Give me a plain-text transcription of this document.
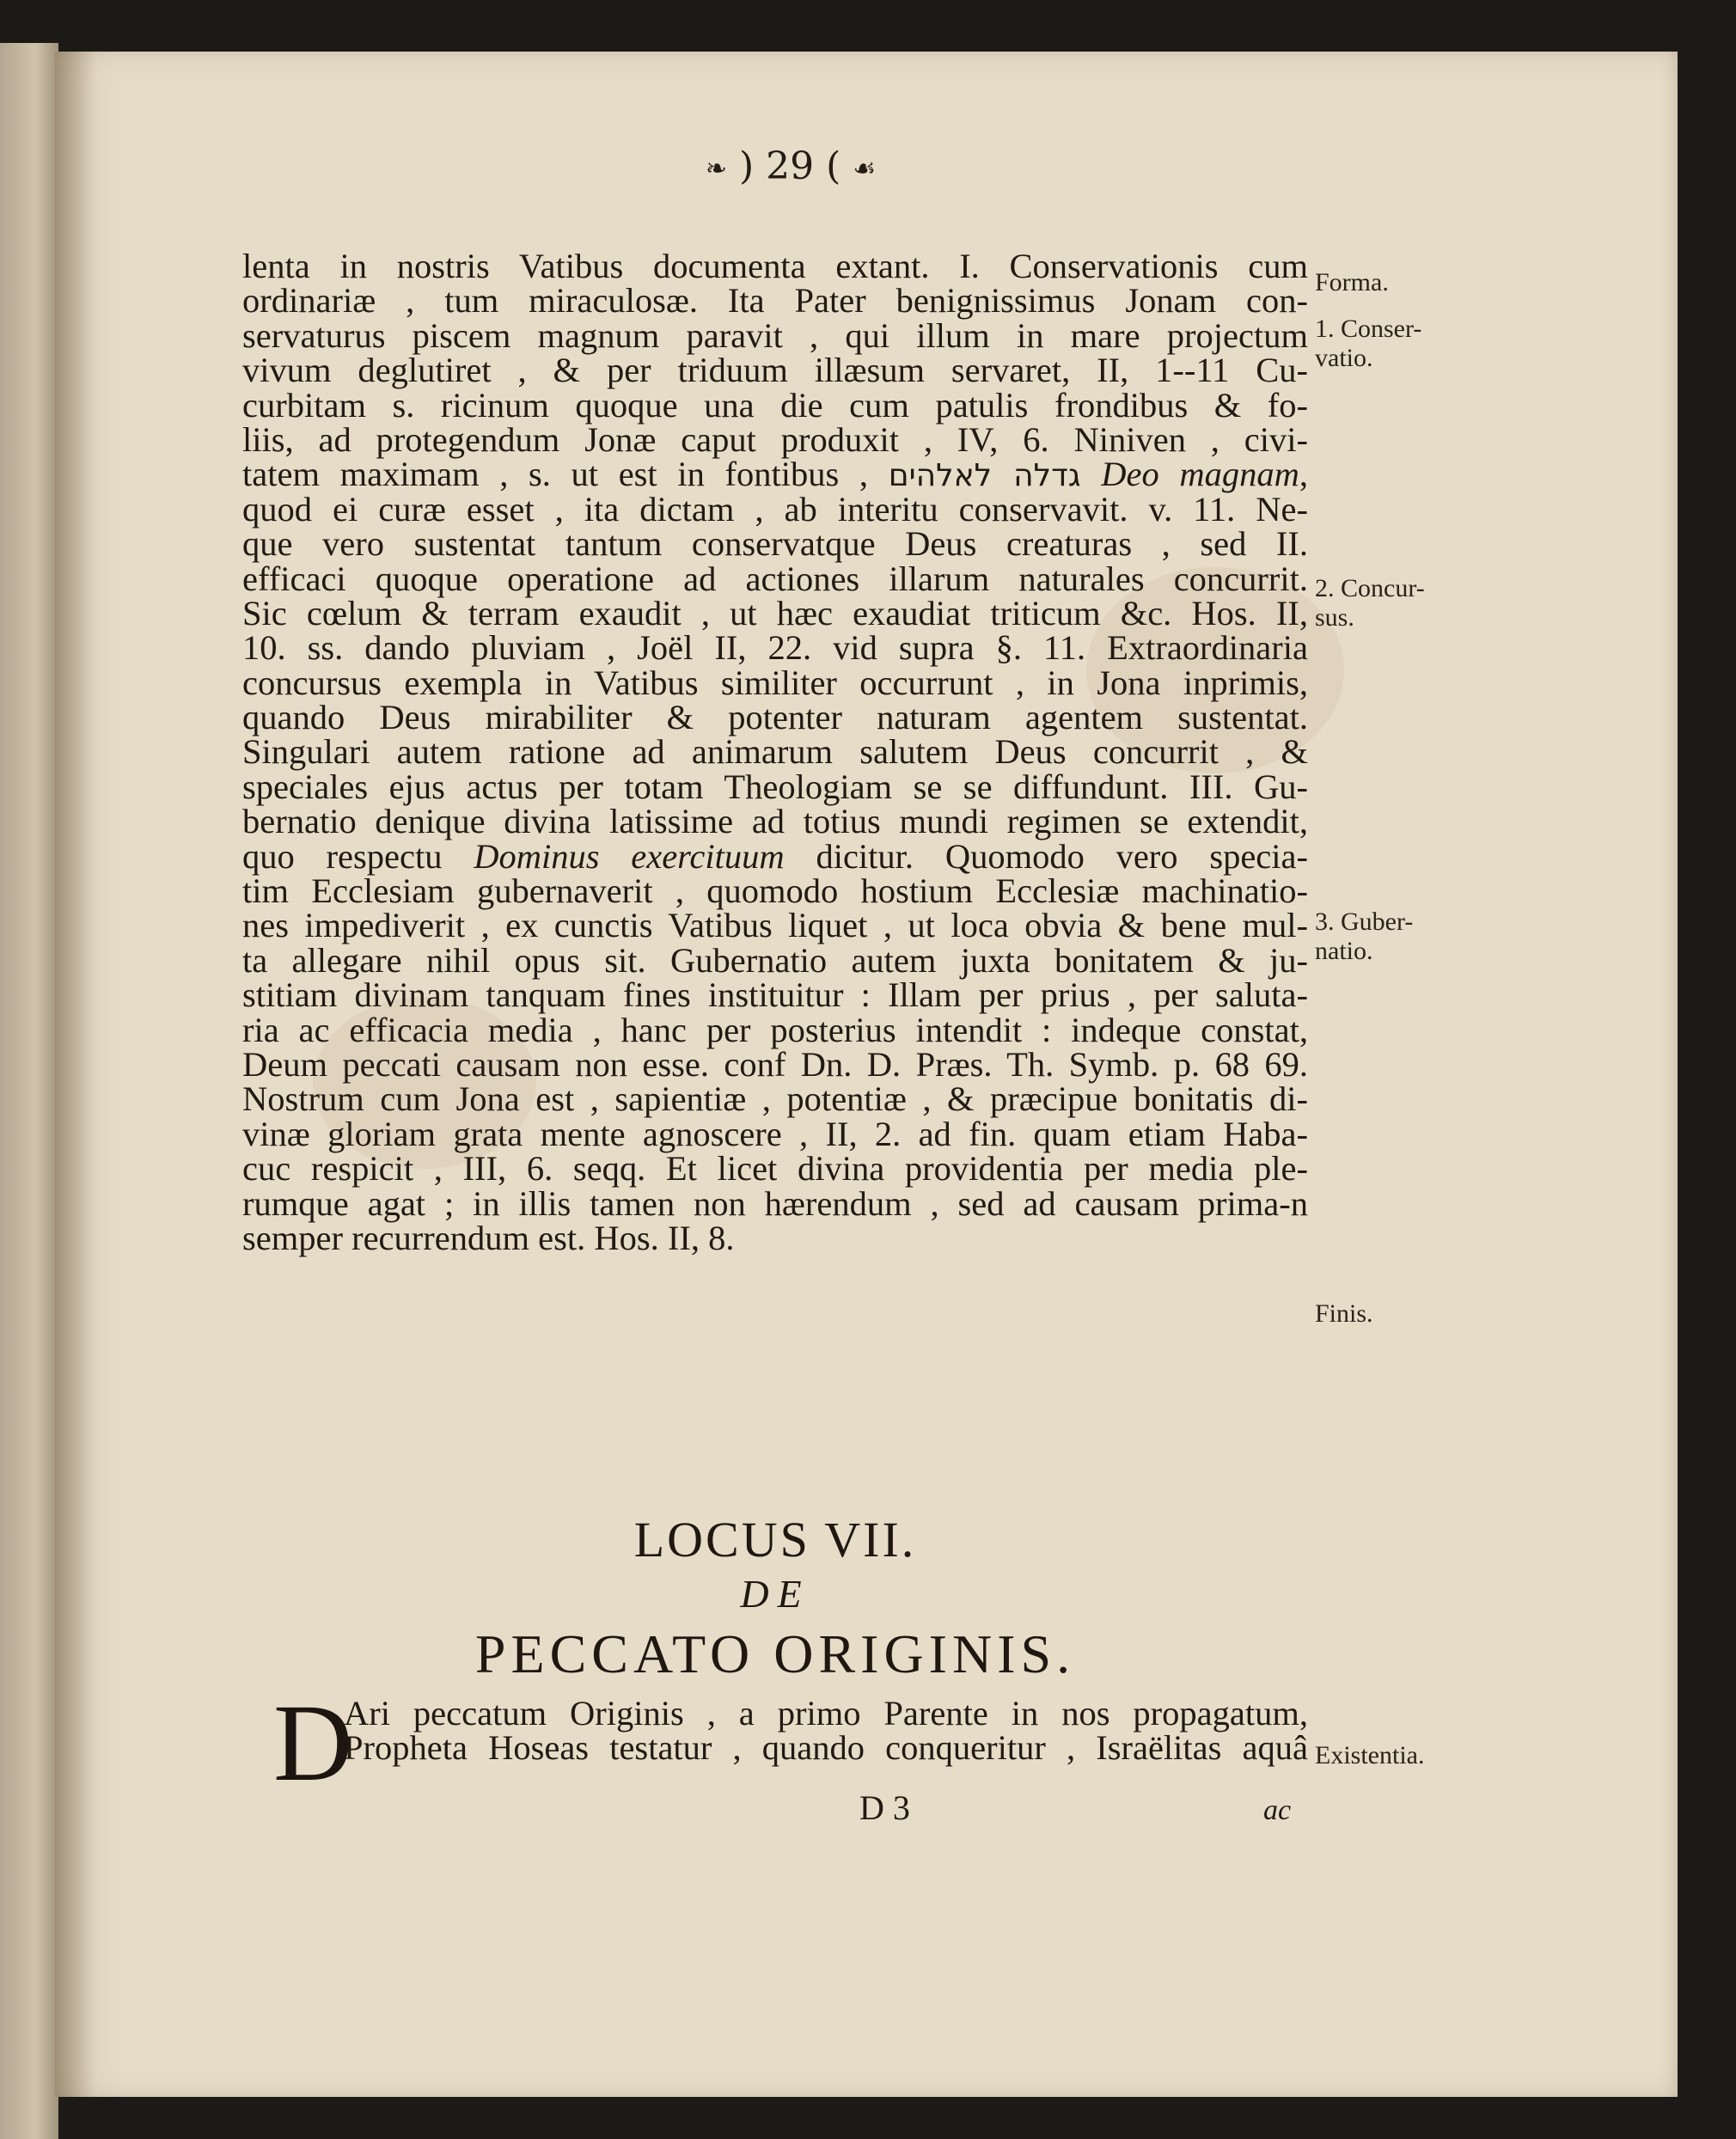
❧ ) 29 ( ☙
lenta in nostris Vatibus documenta extant. I. Conservationis cum
ordinariæ , tum miraculosæ. Ita Pater benignissimus Jonam con-
servaturus piscem magnum paravit , qui illum in mare projectum
vivum deglutiret , & per triduum illæsum servaret, II, 1--11 Cu-
curbitam s. ricinum quoque una die cum patulis frondibus & fo-
liis, ad protegendum Jonæ caput produxit , IV, 6. Niniven , civi-
tatem maximam , s. ut est in fontibus , גדלה לאלהים Deo magnam,
quod ei curæ esset , ita dictam , ab interitu conservavit. v. 11. Ne-
que vero sustentat tantum conservatque Deus creaturas , sed II.
efficaci quoque operatione ad actiones illarum naturales concurrit.
Sic cœlum & terram exaudit , ut hæc exaudiat triticum &c. Hos. II,
10. ss. dando pluviam , Joël II, 22. vid supra §. 11. Extraordinaria
concursus exempla in Vatibus similiter occurrunt , in Jona inprimis,
quando Deus mirabiliter & potenter naturam agentem sustentat.
Singulari autem ratione ad animarum salutem Deus concurrit , &
speciales ejus actus per totam Theologiam se se diffundunt. III. Gu-
bernatio denique divina latissime ad totius mundi regimen se extendit,
quo respectu Dominus exercituum dicitur. Quomodo vero specia-
tim Ecclesiam gubernaverit , quomodo hostium Ecclesiæ machinatio-
nes impediverit , ex cunctis Vatibus liquet , ut loca obvia & bene mul-
ta allegare nihil opus sit. Gubernatio autem juxta bonitatem & ju-
stitiam divinam tanquam fines instituitur : Illam per prius , per saluta-
ria ac efficacia media , hanc per posterius intendit : indeque constat,
Deum peccati causam non esse. conf Dn. D. Præs. Th. Symb. p. 68 69.
Nostrum cum Jona est , sapientiæ , potentiæ , & præcipue bonitatis di-
vinæ gloriam grata mente agnoscere , II, 2. ad fin. quam etiam Haba-
cuc respicit , III, 6. seqq. Et licet divina providentia per media ple-
rumque agat ; in illis tamen non hærendum , sed ad causam prima-n
semper recurrendum est. Hos. II, 8.
LOCUS VII.
DE
PECCATO ORIGINIS.
D
Ari peccatum Originis , a primo Parente in nos propagatum,
Propheta Hoseas testatur , quando conqueritur , Israëlitas aquâ
D 3	ac
Forma.
1. Conser-
vatio.
2. Concur-
sus.
3. Guber-
natio.
Finis.
Existentia.
